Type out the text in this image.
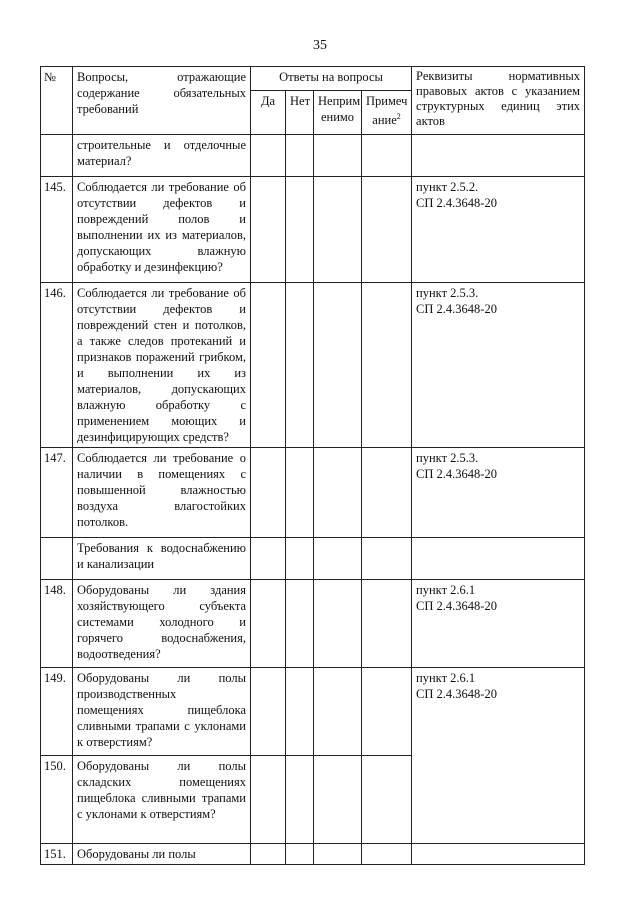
35
№	Вопросы, отражающие содержание обязательных требований	Ответы на вопросы				Реквизиты нормативных правовых актов с указанием структурных единиц этих актов
		Да	Нет	Неприм енимо	Примеч ание$^2$
	строительные и отделочные материал?					
145.	Соблюдается ли требование об отсутствии дефектов и повреждений полов и выполнении их из материалов, допускающих влажную обработку и дезинфекцию?					пункт 2.5.2.
СП 2.4.3648-20

146.	Соблюдается ли требование об отсутствии дефектов и повреждений стен и потолков, а также следов протеканий и признаков поражений грибком, и выполнении их из материалов, допускающих влажную обработку с применением моющих и дезинфицирующих средств?					пункт 2.5.3.
СП 2.4.3648-20

147.	Соблюдается ли требование о наличии в помещениях с повышенной влажностью воздуха влагостойких потолков.					пункт 2.5.3.
СП 2.4.3648-20

	Требования к водоснабжению и канализации					
148.	Оборудованы ли здания хозяйствующего субъекта системами холодного и горячего водоснабжения, водоотведения?					пункт 2.6.1
СП 2.4.3648-20

149.	Оборудованы ли полы производственных помещениях пищеблока сливными трапами с уклонами к отверстиям?					пункт 2.6.1
СП 2.4.3648-20

150.	Оборудованы ли полы складских помещениях пищеблока сливными трапами с уклонами к отверстиям?					
151.	Оборудованы ли полы					
